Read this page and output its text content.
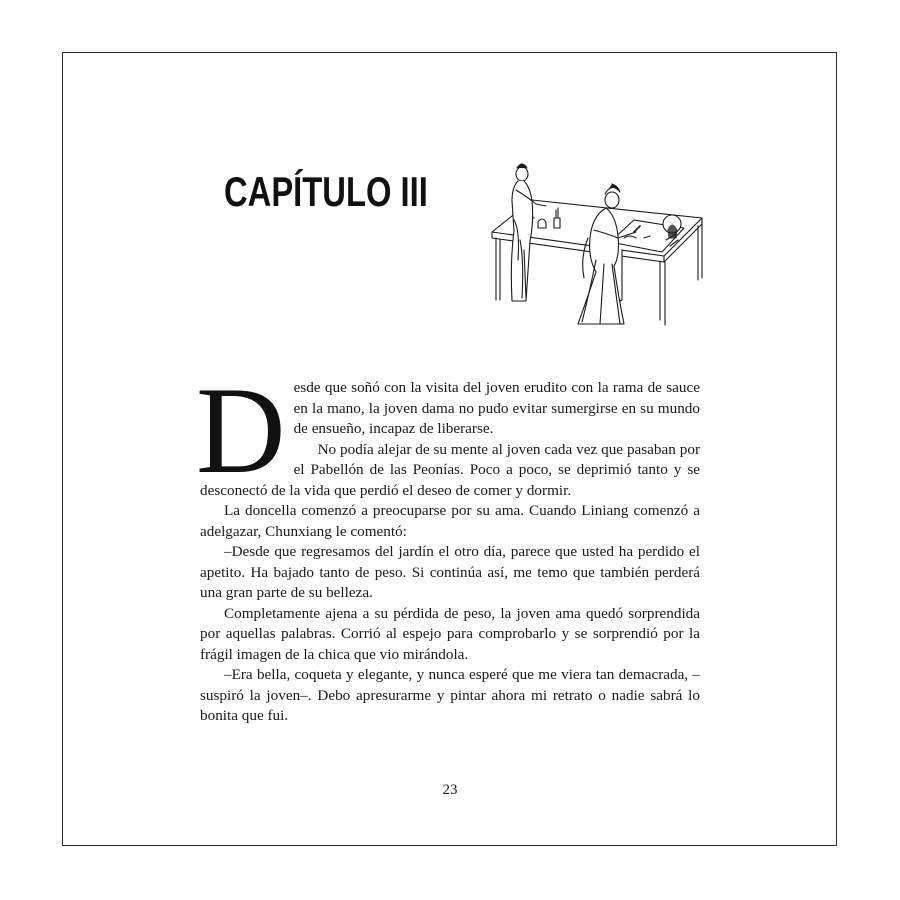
CAPÍTULO III

Desde que soñó con la visita del joven erudito con la rama de sauce en la mano, la joven dama no pudo evitar sumergirse en su mundo de ensueño, incapaz de liberarse.

No podía alejar de su mente al joven cada vez que pasaban por el Pabellón de las Peonías. Poco a poco, se deprimió tanto y se desconectó de la vida que perdió el deseo de comer y dormir.

La doncella comenzó a preocuparse por su ama. Cuando Liniang comenzó a adelgazar, Chunxiang le comentó:

–Desde que regresamos del jardín el otro día, parece que usted ha perdido el apetito. Ha bajado tanto de peso. Si continúa así, me temo que también perderá una gran parte de su belleza.

Completamente ajena a su pérdida de peso, la joven ama quedó sorprendida por aquellas palabras. Corrió al espejo para comprobarlo y se sorprendió por la frágil imagen de la chica que vio mirándola.

–Era bella, coqueta y elegante, y nunca esperé que me viera tan demacrada, –suspiró la joven–. Debo apresurarme y pintar ahora mi retrato o nadie sabrá lo bonita que fui.

23
